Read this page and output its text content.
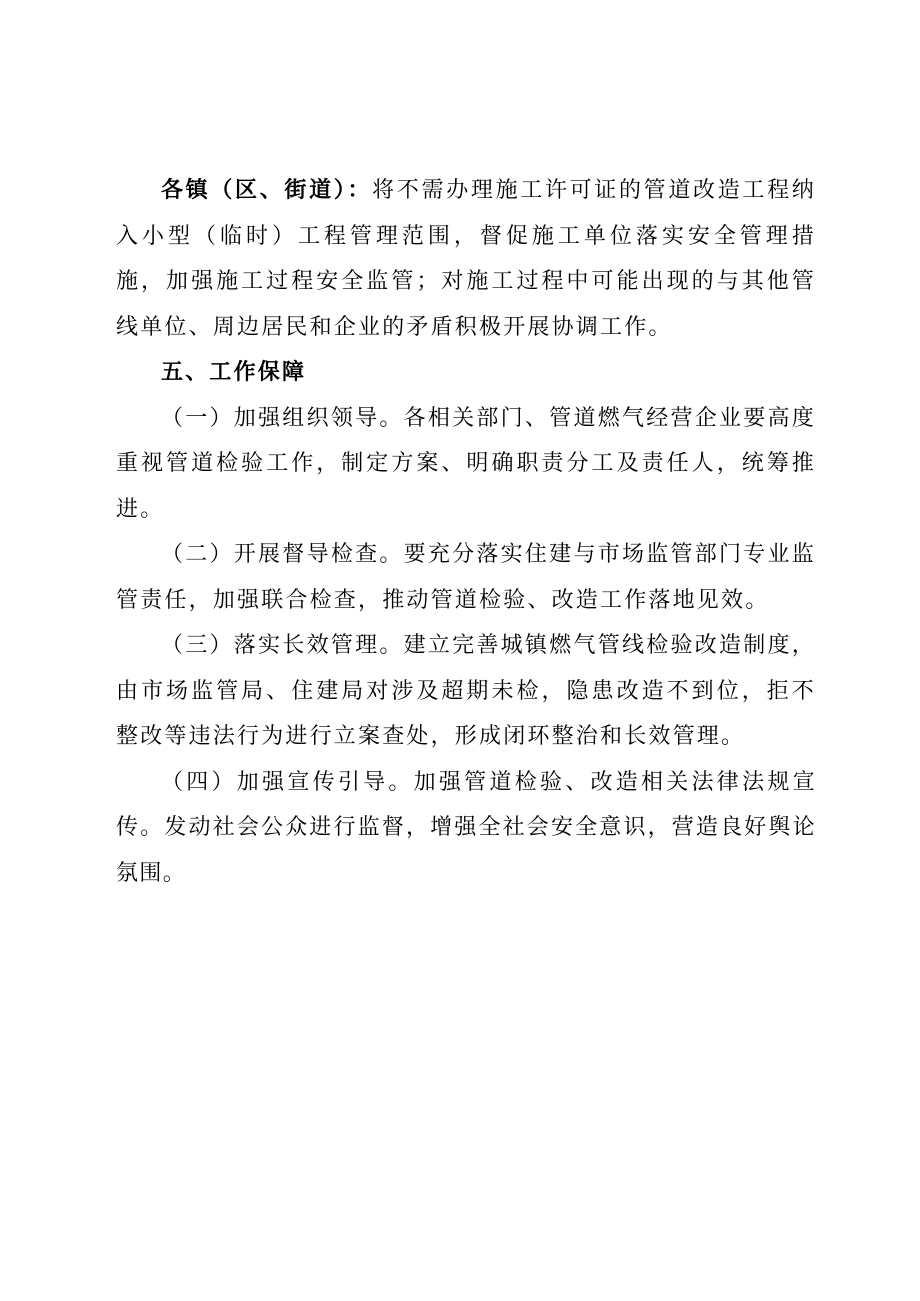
各镇（区、街道）：将不需办理施工许可证的管道改造工程纳入小型（临时）工程管理范围，督促施工单位落实安全管理措施，加强施工过程安全监管；对施工过程中可能出现的与其他管线单位、周边居民和企业的矛盾积极开展协调工作。

五、工作保障

（一）加强组织领导。各相关部门、管道燃气经营企业要高度重视管道检验工作，制定方案、明确职责分工及责任人，统筹推进。

（二）开展督导检查。要充分落实住建与市场监管部门专业监管责任，加强联合检查，推动管道检验、改造工作落地见效。

（三）落实长效管理。建立完善城镇燃气管线检验改造制度，由市场监管局、住建局对涉及超期未检，隐患改造不到位，拒不整改等违法行为进行立案查处，形成闭环整治和长效管理。

（四）加强宣传引导。加强管道检验、改造相关法律法规宣传。发动社会公众进行监督，增强全社会安全意识，营造良好舆论氛围。
